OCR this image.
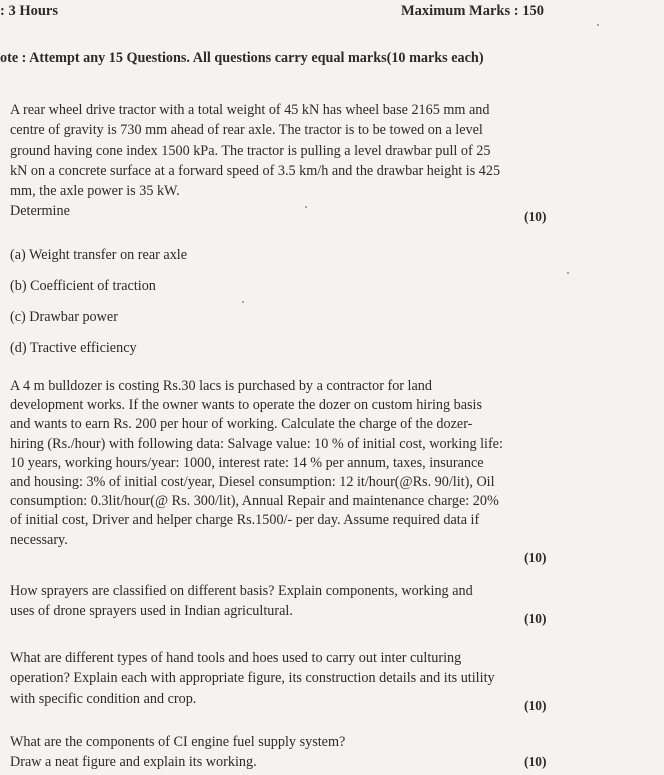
: 3 Hours	Maximum Marks : 150
ote : Attempt any 15 Questions. All questions carry equal marks(10 marks each)
A rear wheel drive tractor with a total weight of 45 kN has wheel base 2165 mm and
centre of gravity is 730 mm ahead of rear axle. The tractor is to be towed on a level
ground having cone index 1500 kPa. The tractor is pulling a level drawbar pull of 25
kN on a concrete surface at a forward speed of 3.5 km/h and the drawbar height is 425
mm, the axle power is 35 kW.
Determine	(10)
(a) Weight transfer on rear axle
(b) Coefficient of traction
(c) Drawbar power
(d) Tractive efficiency
A 4 m bulldozer is costing Rs.30 lacs is purchased by a contractor for land
development works. If the owner wants to operate the dozer on custom hiring basis
and wants to earn Rs. 200 per hour of working. Calculate the charge of the dozer-
hiring (Rs./hour) with following data: Salvage value: 10 % of initial cost, working life:
10 years, working hours/year: 1000, interest rate: 14 % per annum, taxes, insurance
and housing: 3% of initial cost/year, Diesel consumption: 12 it/hour(@Rs. 90/lit), Oil
consumption: 0.3lit/hour(@ Rs. 300/lit), Annual Repair and maintenance charge: 20%
of initial cost, Driver and helper charge Rs.1500/- per day. Assume required data if
necessary.
(10)
How sprayers are classified on different basis? Explain components, working and
uses of drone sprayers used in Indian agricultural.	(10)
What are different types of hand tools and hoes used to carry out inter culturing
operation? Explain each with appropriate figure, its construction details and its utility
with specific condition and crop.	(10)
What are the components of CI engine fuel supply system?
Draw a neat figure and explain its working.	(10)
